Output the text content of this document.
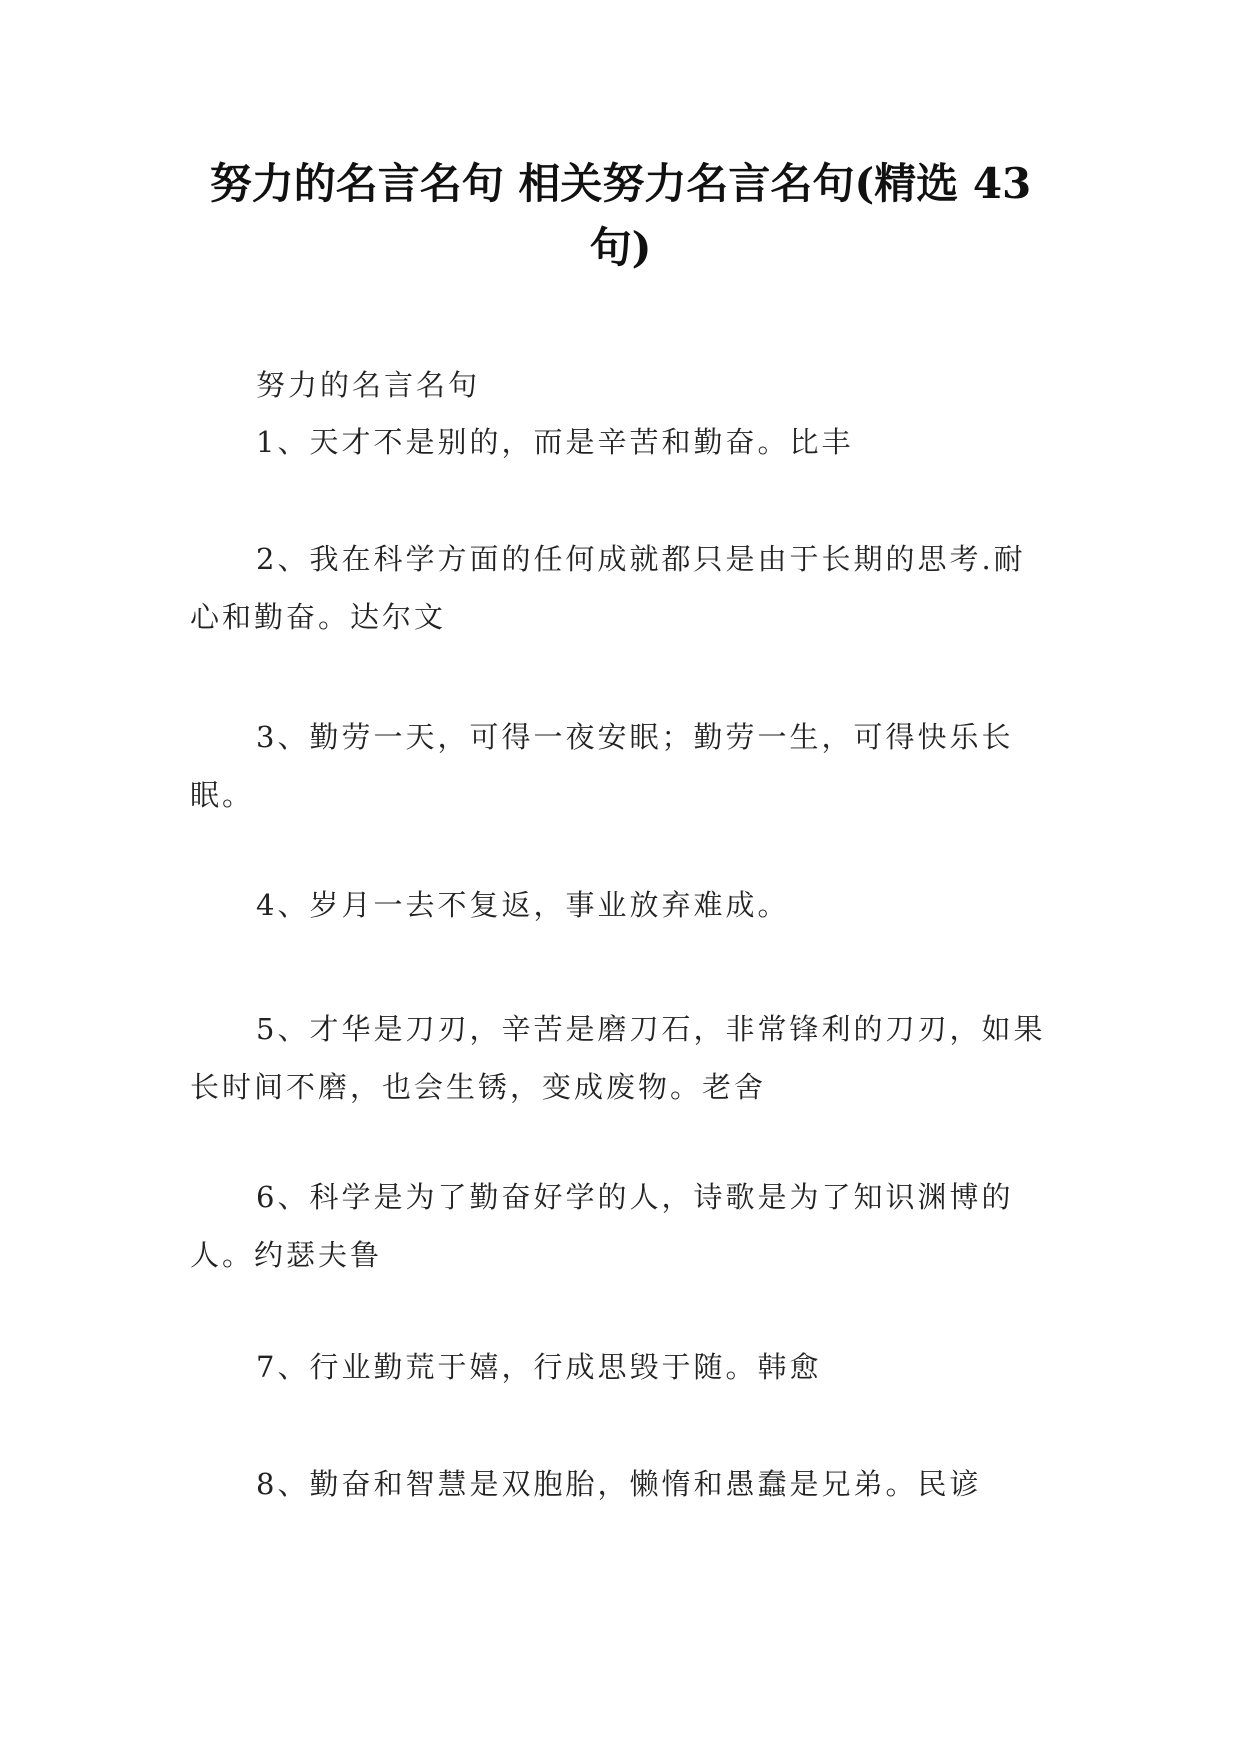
努力的名言名句 相关努力名言名句(精选 43 句)
努力的名言名句

1、天才不是别的，而是辛苦和勤奋。比丰

2、我在科学方面的任何成就都只是由于长期的思考.耐心和勤奋。达尔文

3、勤劳一天，可得一夜安眠；勤劳一生，可得快乐长眠。

4、岁月一去不复返，事业放弃难成。

5、才华是刀刃，辛苦是磨刀石，非常锋利的刀刃，如果长时间不磨，也会生锈，变成废物。老舍

6、科学是为了勤奋好学的人，诗歌是为了知识渊博的人。约瑟夫鲁

7、行业勤荒于嬉，行成思毁于随。韩愈

8、勤奋和智慧是双胞胎，懒惰和愚蠢是兄弟。民谚
